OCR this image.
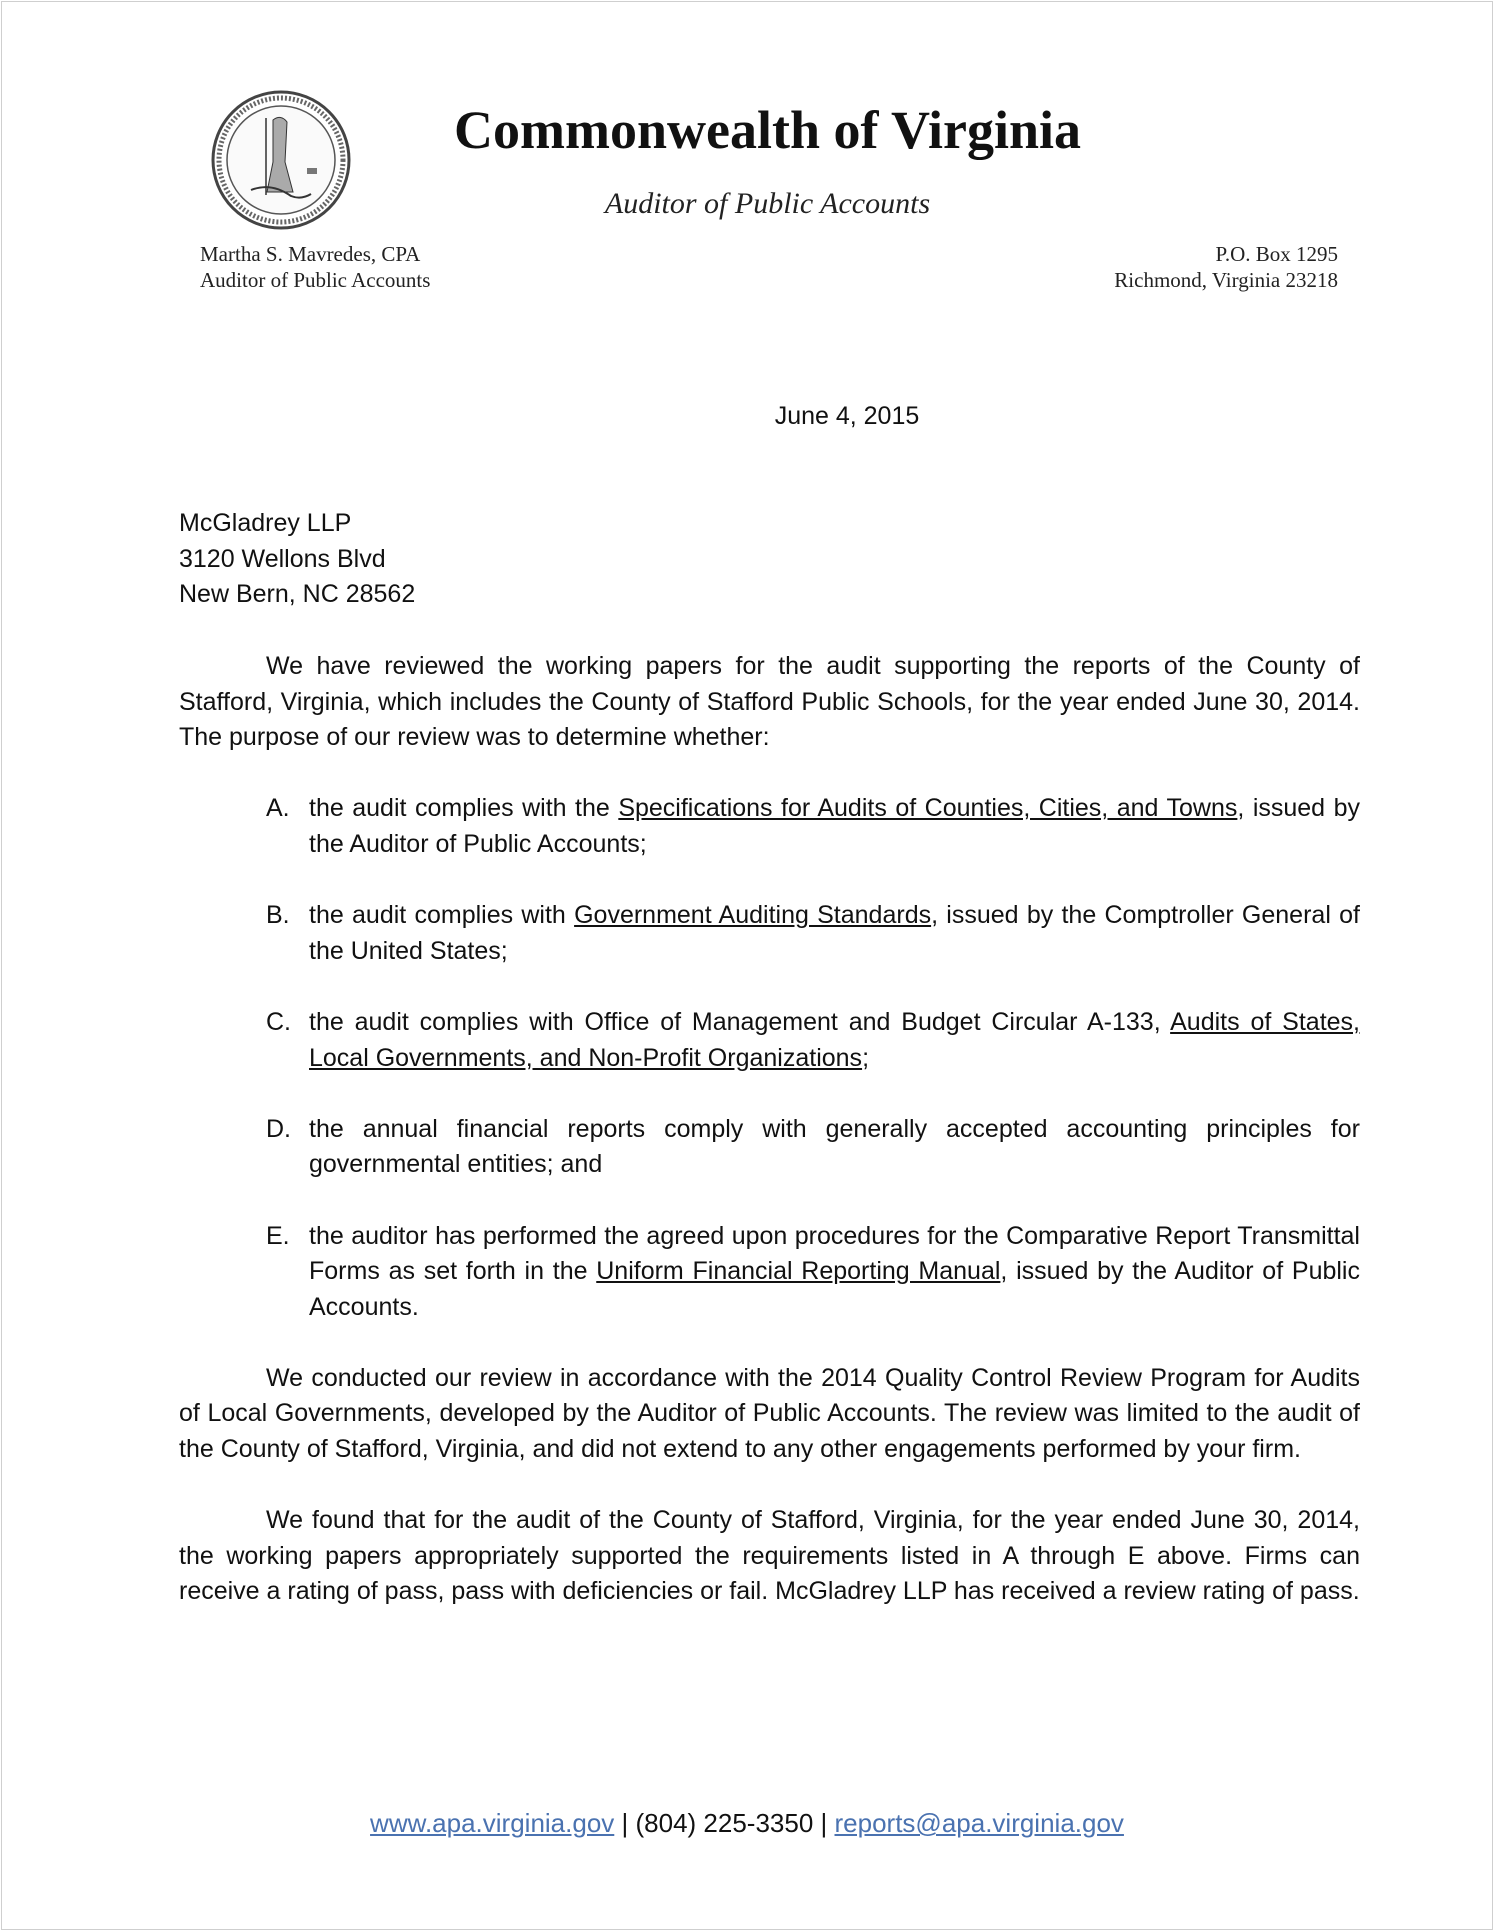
Commonwealth of Virginia
Auditor of Public Accounts
Martha S. Mavredes, CPA
Auditor of Public Accounts
P.O. Box 1295
Richmond, Virginia 23218
June 4, 2015
McGladrey LLP
3120 Wellons Blvd
New Bern, NC 28562
We have reviewed the working papers for the audit supporting the reports of the County of Stafford, Virginia, which includes the County of Stafford Public Schools, for the year ended June 30, 2014. The purpose of our review was to determine whether:
A. the audit complies with the Specifications for Audits of Counties, Cities, and Towns, issued by the Auditor of Public Accounts;
B. the audit complies with Government Auditing Standards, issued by the Comptroller General of the United States;
C. the audit complies with Office of Management and Budget Circular A-133, Audits of States, Local Governments, and Non-Profit Organizations;
D. the annual financial reports comply with generally accepted accounting principles for governmental entities; and
E. the auditor has performed the agreed upon procedures for the Comparative Report Transmittal Forms as set forth in the Uniform Financial Reporting Manual, issued by the Auditor of Public Accounts.
We conducted our review in accordance with the 2014 Quality Control Review Program for Audits of Local Governments, developed by the Auditor of Public Accounts. The review was limited to the audit of the County of Stafford, Virginia, and did not extend to any other engagements performed by your firm.
We found that for the audit of the County of Stafford, Virginia, for the year ended June 30, 2014, the working papers appropriately supported the requirements listed in A through E above. Firms can receive a rating of pass, pass with deficiencies or fail. McGladrey LLP has received a review rating of pass.
www.apa.virginia.gov | (804) 225-3350 | reports@apa.virginia.gov
